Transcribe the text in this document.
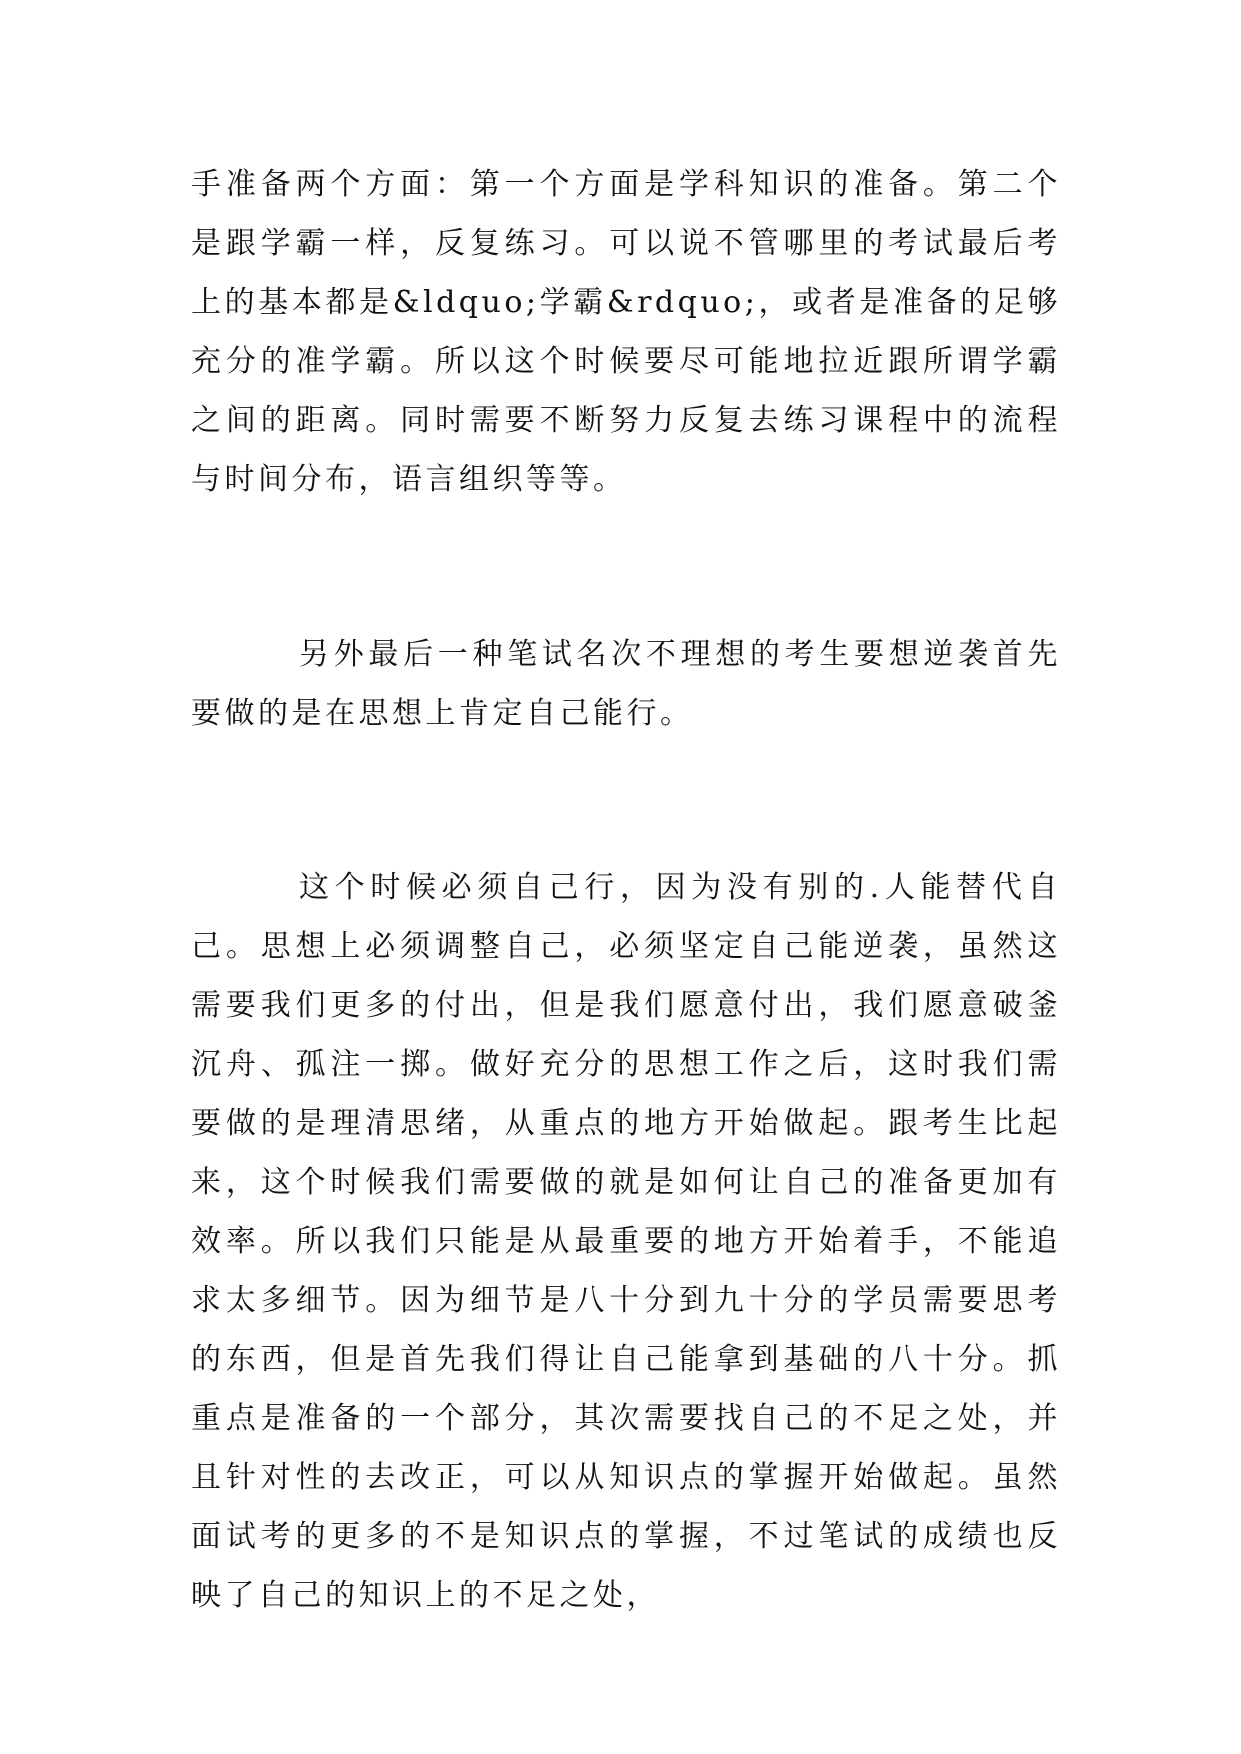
手准备两个方面：第一个方面是学科知识的准备。第二个是跟学霸一样，反复练习。可以说不管哪里的考试最后考上的基本都是&ldquo;学霸&rdquo;，或者是准备的足够充分的准学霸。所以这个时候要尽可能地拉近跟所谓学霸之间的距离。同时需要不断努力反复去练习课程中的流程与时间分布，语言组织等等。

另外最后一种笔试名次不理想的考生要想逆袭首先要做的是在思想上肯定自己能行。

这个时候必须自己行，因为没有别的.人能替代自己。思想上必须调整自己，必须坚定自己能逆袭，虽然这需要我们更多的付出，但是我们愿意付出，我们愿意破釜沉舟、孤注一掷。做好充分的思想工作之后，这时我们需要做的是理清思绪，从重点的地方开始做起。跟考生比起来，这个时候我们需要做的就是如何让自己的准备更加有效率。所以我们只能是从最重要的地方开始着手，不能追求太多细节。因为细节是八十分到九十分的学员需要思考的东西，但是首先我们得让自己能拿到基础的八十分。抓重点是准备的一个部分，其次需要找自己的不足之处，并且针对性的去改正，可以从知识点的掌握开始做起。虽然面试考的更多的不是知识点的掌握，不过笔试的成绩也反映了自己的知识上的不足之处，
